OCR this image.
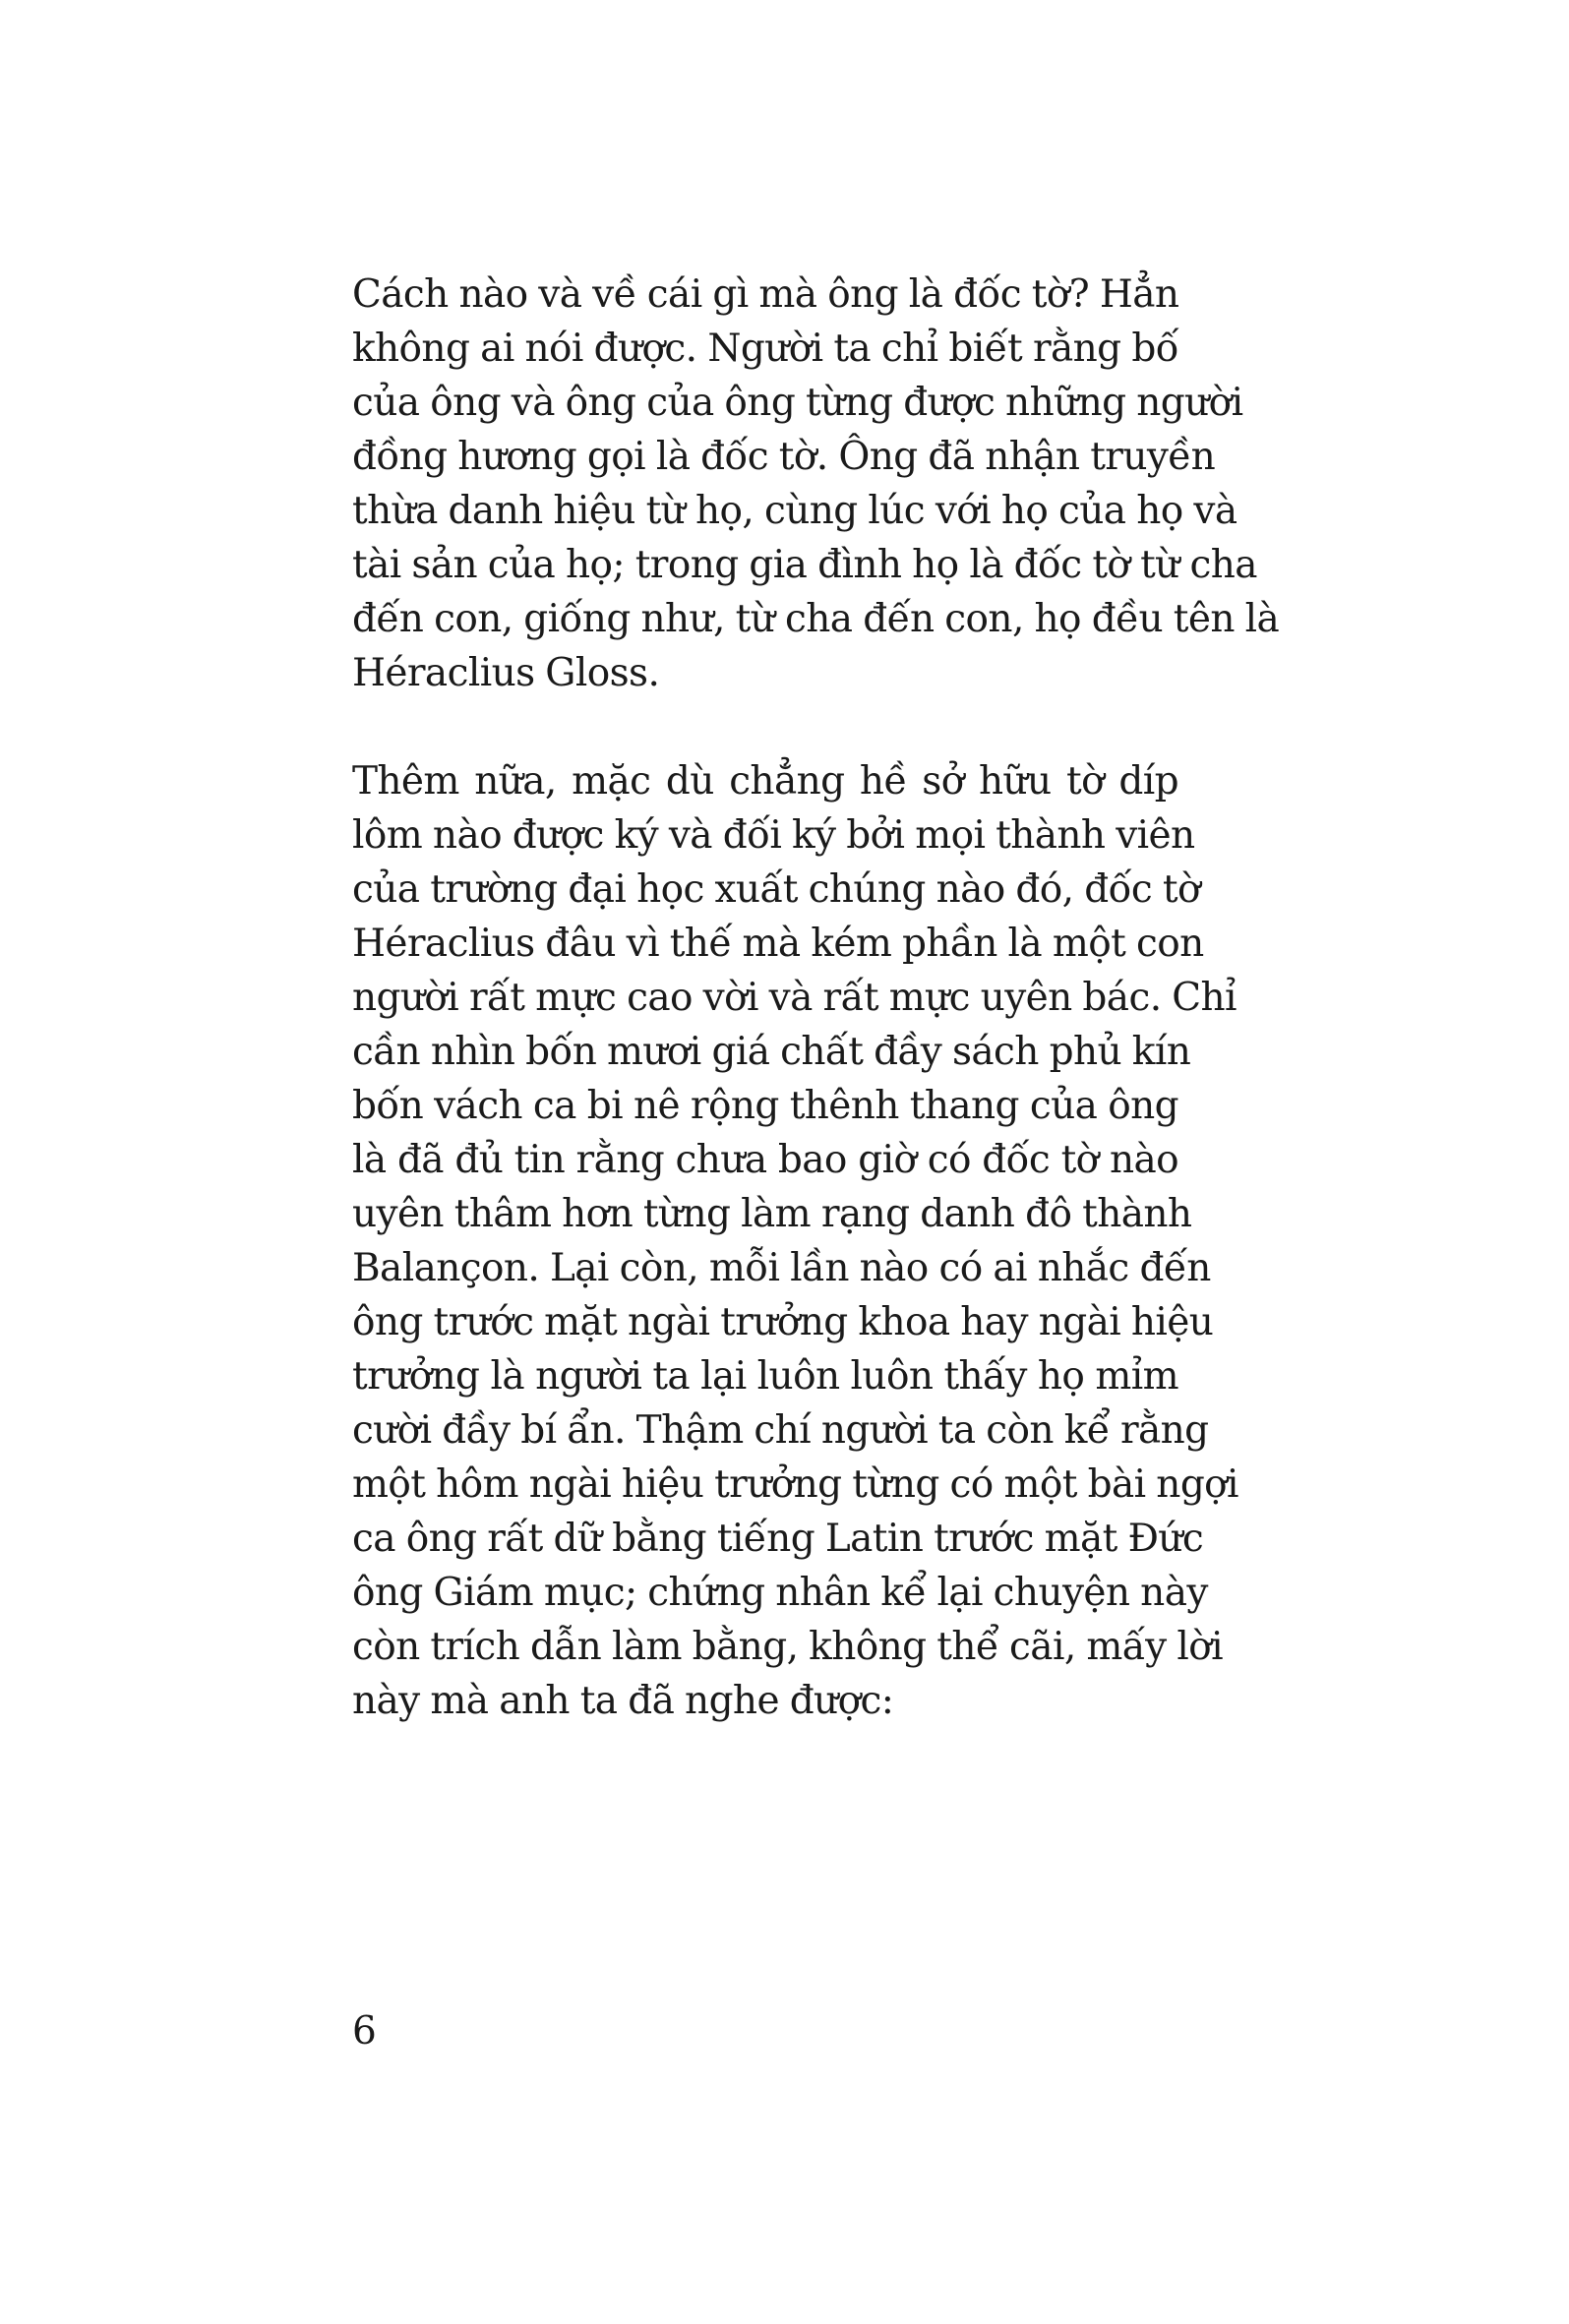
Cách nào và về cái gì mà ông là đốc tờ? Hẳn
không ai nói được. Người ta chỉ biết rằng bố
của ông và ông của ông từng được những người
đồng hương gọi là đốc tờ. Ông đã nhận truyền
thừa danh hiệu từ họ, cùng lúc với họ của họ và
tài sản của họ; trong gia đình họ là đốc tờ từ cha
đến con, giống như, từ cha đến con, họ đều tên là
Héraclius Gloss.

Thêm nữa, mặc dù chẳng hề sở hữu tờ díp
lôm nào được ký và đối ký bởi mọi thành viên
của trường đại học xuất chúng nào đó, đốc tờ
Héraclius đâu vì thế mà kém phần là một con
người rất mực cao vời và rất mực uyên bác. Chỉ
cần nhìn bốn mươi giá chất đầy sách phủ kín
bốn vách ca bi nê rộng thênh thang của ông
là đã đủ tin rằng chưa bao giờ có đốc tờ nào
uyên thâm hơn từng làm rạng danh đô thành
Balançon. Lại còn, mỗi lần nào có ai nhắc đến
ông trước mặt ngài trưởng khoa hay ngài hiệu
trưởng là người ta lại luôn luôn thấy họ mỉm
cười đầy bí ẩn. Thậm chí người ta còn kể rằng
một hôm ngài hiệu trưởng từng có một bài ngợi
ca ông rất dữ bằng tiếng Latin trước mặt Đức
ông Giám mục; chứng nhân kể lại chuyện này
còn trích dẫn làm bằng, không thể cãi, mấy lời
này mà anh ta đã nghe được:

6
